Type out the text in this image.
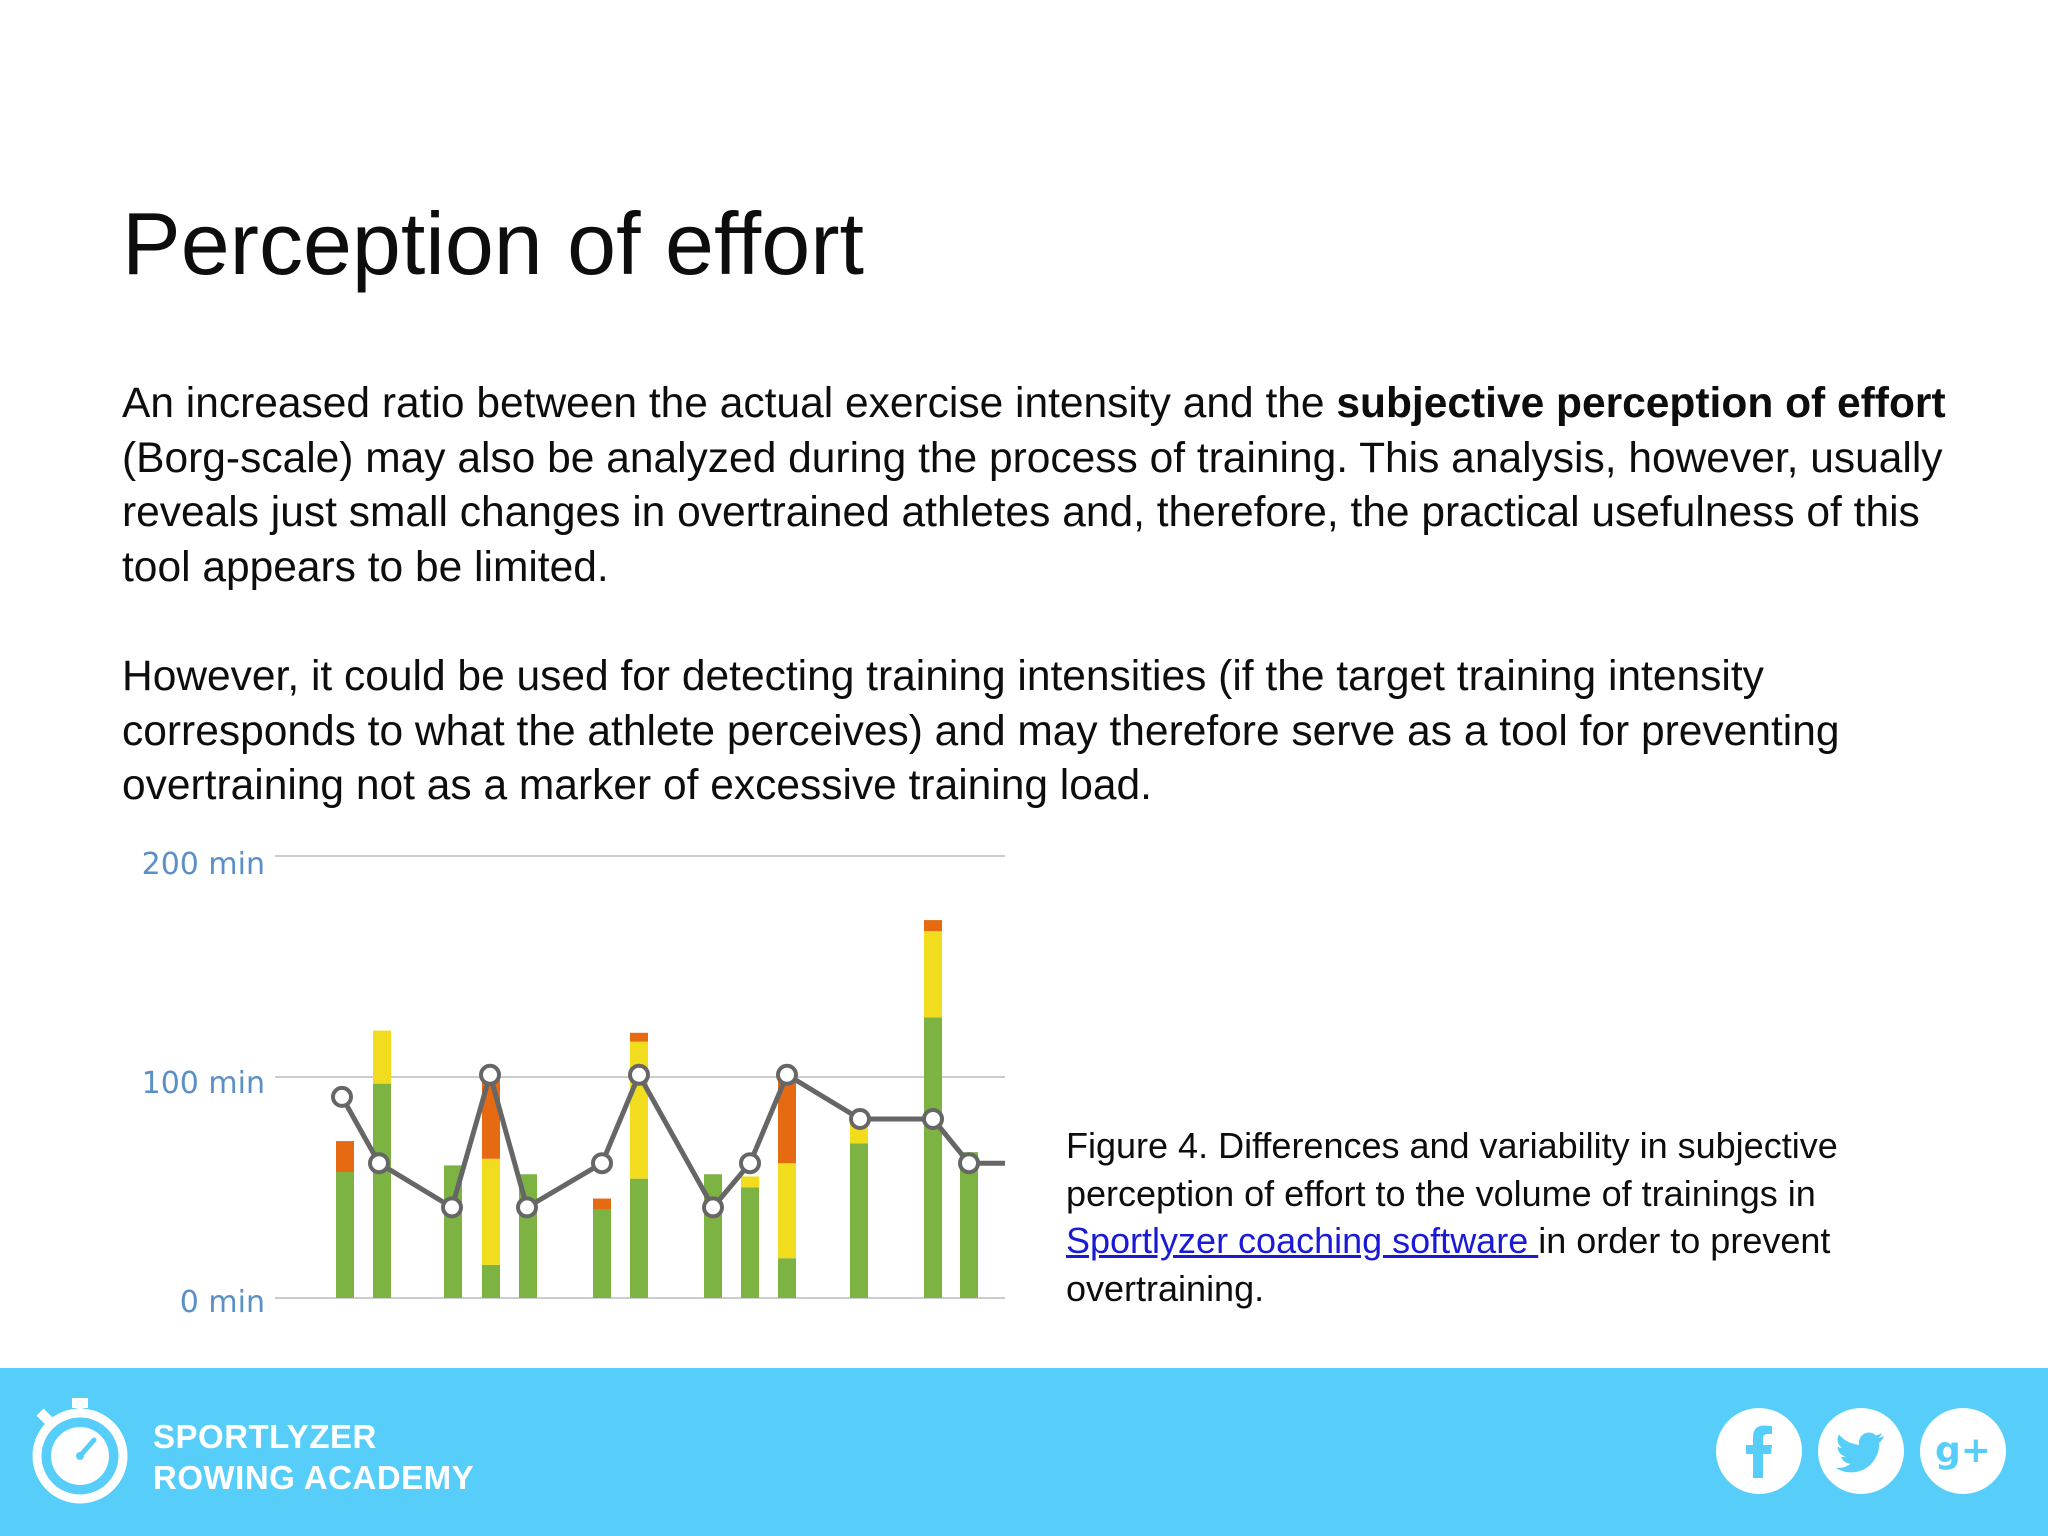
Perception of effort

An increased ratio between the actual exercise intensity and the subjective perception of effort (Borg-scale) may also be analyzed during the process of training. This analysis, however, usually reveals just small changes in overtrained athletes and, therefore, the practical usefulness of this tool appears to be limited.

However, it could be used for detecting training intensities (if the target training intensity corresponds to what the athlete perceives) and may therefore serve as a tool for preventing overtraining not as a marker of excessive training load.

0 min
100 min
200 min

Figure 4. Differences and variability in subjective perception of effort to the volume of trainings in Sportlyzer coaching software in order to prevent overtraining.

SPORTLYZER
ROWING ACADEMY
g+
